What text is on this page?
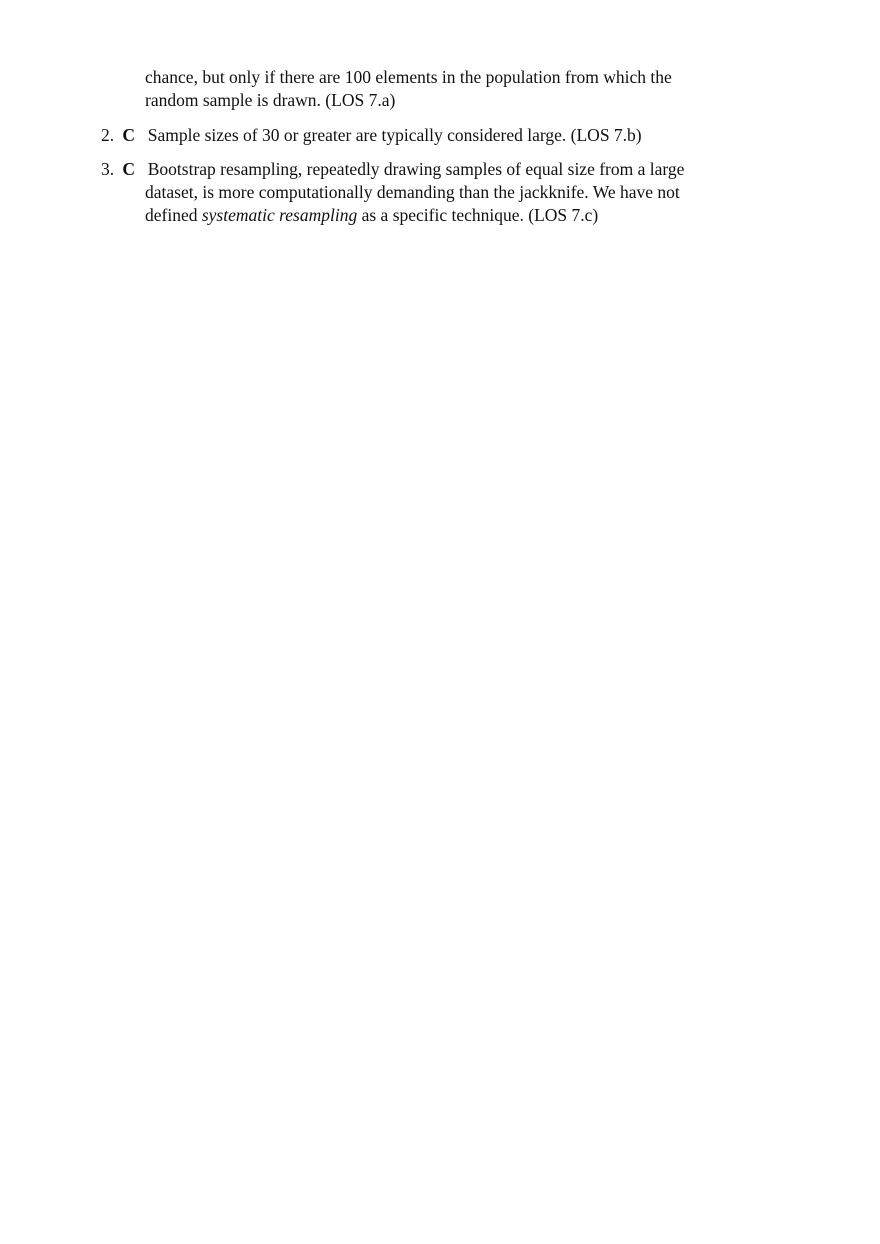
chance, but only if there are 100 elements in the population from which the
random sample is drawn. (LOS 7.a)
2. C Sample sizes of 30 or greater are typically considered large. (LOS 7.b)
3. C Bootstrap resampling, repeatedly drawing samples of equal size from a large
dataset, is more computationally demanding than the jackknife. We have not
defined systematic resampling as a specific technique. (LOS 7.c)
